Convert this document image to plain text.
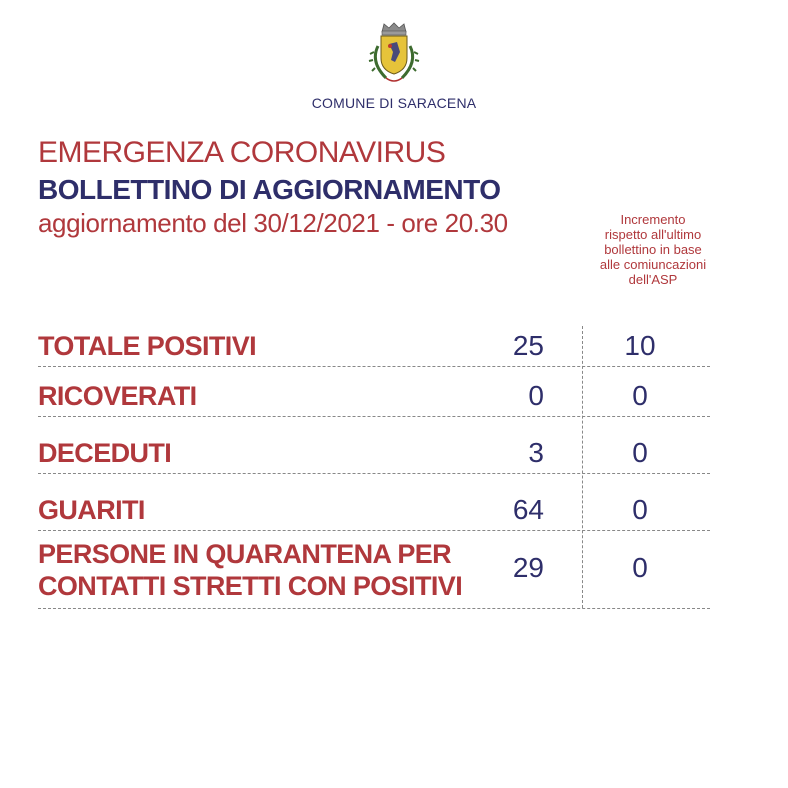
COMUNE DI SARACENA
EMERGENZA CORONAVIRUS
BOLLETTINO DI AGGIORNAMENTO
aggiornamento del 30/12/2021 - ore 20.30	Incremento
rispetto all'ultimo
bollettino in base
alle comiuncazioni
dell'ASP
TOTALE POSITIVI	25	10
RICOVERATI	0	0
DECEDUTI	3	0
GUARITI	64	0
PERSONE IN QUARANTENA PER
CONTATTI STRETTI CON POSITIVI
29	0
